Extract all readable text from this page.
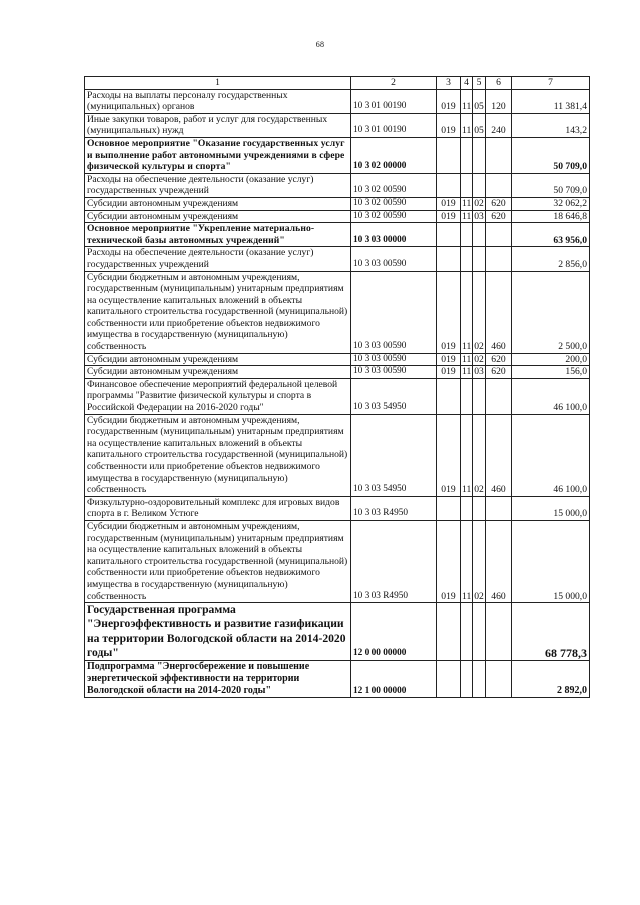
68
1	2	3	4	5	6	7
Расходы на выплаты персоналу государственных (муниципальных) органов	10 3 01 00190	019	11	05	120	11 381,4
Иные закупки товаров, работ и услуг для государственных (муниципальных) нужд	10 3 01 00190	019	11	05	240	143,2
Основное мероприятие "Оказание государственных услуг и выполнение работ автономными учреждениями в сфере физической культуры и спорта"	10 3 02 00000					50 709,0
Расходы на обеспечение деятельности (оказание услуг) государственных учреждений	10 3 02 00590					50 709,0
Субсидии автономным учреждениям	10 3 02 00590	019	11	02	620	32 062,2
Субсидии автономным учреждениям	10 3 02 00590	019	11	03	620	18 646,8
Основное мероприятие "Укрепление материально-технической базы автономных учреждений"	10 3 03 00000					63 956,0
Расходы на обеспечение деятельности (оказание услуг) государственных учреждений	10 3 03 00590					2 856,0
Субсидии бюджетным и автономным учреждениям, государственным (муниципальным) унитарным предприятиям на осуществление капитальных вложений в объекты капитального строительства государственной (муниципальной) собственности или приобретение объектов недвижимого имущества в государственную (муниципальную) собственность	10 3 03 00590	019	11	02	460	2 500,0
Субсидии автономным учреждениям	10 3 03 00590	019	11	02	620	200,0
Субсидии автономным учреждениям	10 3 03 00590	019	11	03	620	156,0
Финансовое обеспечение мероприятий федеральной целевой программы "Развитие физической культуры и спорта в Российской Федерации на 2016-2020 годы"	10 3 03 54950					46 100,0
Субсидии бюджетным и автономным учреждениям, государственным (муниципальным) унитарным предприятиям на осуществление капитальных вложений в объекты капитального строительства государственной (муниципальной) собственности или приобретение объектов недвижимого имущества в государственную (муниципальную) собственность	10 3 03 54950	019	11	02	460	46 100,0
Физкультурно-оздоровительный комплекс для игровых видов спорта в г. Великом Устюге	10 3 03 R4950					15 000,0
Субсидии бюджетным и автономным учреждениям, государственным (муниципальным) унитарным предприятиям на осуществление капитальных вложений в объекты капитального строительства государственной (муниципальной) собственности или приобретение объектов недвижимого имущества в государственную (муниципальную) собственность	10 3 03 R4950	019	11	02	460	15 000,0
Государственная программа "Энергоэффективность и развитие газификации на территории Вологодской области на 2014-2020 годы"	12 0 00 00000					68 778,3
Подпрограмма "Энергосбережение и повышение энергетической эффективности на территории Вологодской области на 2014-2020 годы"	12 1 00 00000					2 892,0
